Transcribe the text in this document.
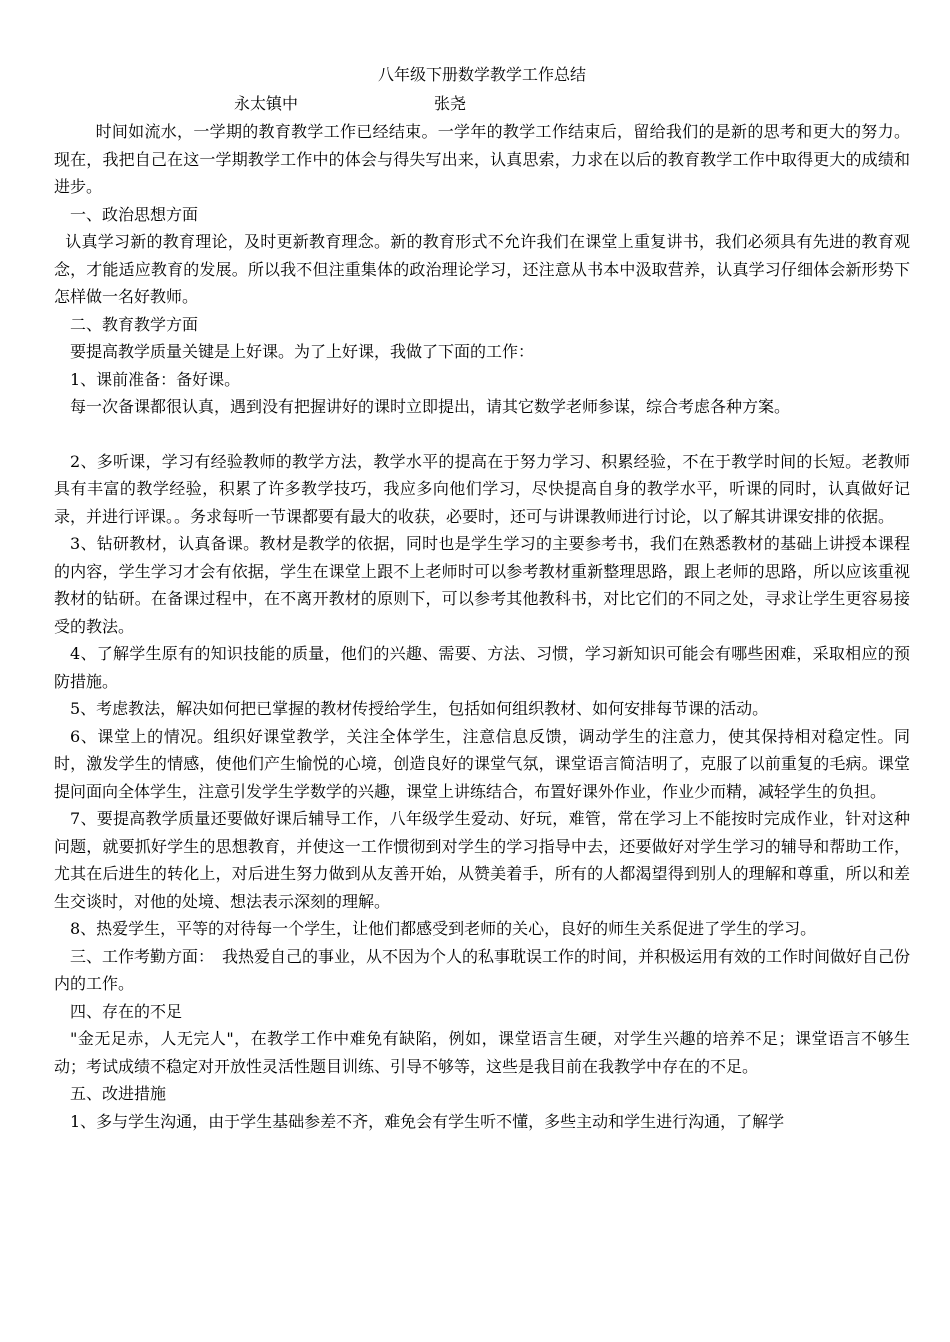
八年级下册数学教学工作总结

永太镇中	张尧

时间如流水，一学期的教育教学工作已经结束。一学年的教学工作结束后，留给我们的是新的思考和更大的努力。现在，我把自己在这一学期教学工作中的体会与得失写出来，认真思索，力求在以后的教育教学工作中取得更大的成绩和进步。

一、政治思想方面

认真学习新的教育理论，及时更新教育理念。新的教育形式不允许我们在课堂上重复讲书，我们必须具有先进的教育观念，才能适应教育的发展。所以我不但注重集体的政治理论学习，还注意从书本中汲取营养，认真学习仔细体会新形势下怎样做一名好教师。

二、教育教学方面

要提高教学质量关键是上好课。为了上好课，我做了下面的工作：

1、课前准备：备好课。

每一次备课都很认真，遇到没有把握讲好的课时立即提出，请其它数学老师参谋，综合考虑各种方案。

2、多听课，学习有经验教师的教学方法，教学水平的提高在于努力学习、积累经验，不在于教学时间的长短。老教师具有丰富的教学经验，积累了许多教学技巧，我应多向他们学习，尽快提高自身的教学水平，听课的同时，认真做好记录，并进行评课。。务求每听一节课都要有最大的收获，必要时，还可与讲课教师进行讨论，以了解其讲课安排的依据。

3、钻研教材，认真备课。教材是教学的依据，同时也是学生学习的主要参考书，我们在熟悉教材的基础上讲授本课程的内容，学生学习才会有依据，学生在课堂上跟不上老师时可以参考教材重新整理思路，跟上老师的思路，所以应该重视教材的钻研。在备课过程中，在不离开教材的原则下，可以参考其他教科书，对比它们的不同之处，寻求让学生更容易接受的教法。

4、了解学生原有的知识技能的质量，他们的兴趣、需要、方法、习惯，学习新知识可能会有哪些困难，采取相应的预防措施。

5、考虑教法，解决如何把已掌握的教材传授给学生，包括如何组织教材、如何安排每节课的活动。

6、课堂上的情况。组织好课堂教学，关注全体学生，注意信息反馈，调动学生的注意力，使其保持相对稳定性。同时，激发学生的情感，使他们产生愉悦的心境，创造良好的课堂气氛，课堂语言简洁明了，克服了以前重复的毛病。课堂提问面向全体学生，注意引发学生学数学的兴趣，课堂上讲练结合，布置好课外作业，作业少而精，减轻学生的负担。

7、要提高教学质量还要做好课后辅导工作，八年级学生爱动、好玩，难管，常在学习上不能按时完成作业，针对这种问题，就要抓好学生的思想教育，并使这一工作惯彻到对学生的学习指导中去，还要做好对学生学习的辅导和帮助工作，尤其在后进生的转化上，对后进生努力做到从友善开始，从赞美着手，所有的人都渴望得到别人的理解和尊重，所以和差生交谈时，对他的处境、想法表示深刻的理解。

8、热爱学生，平等的对待每一个学生，让他们都感受到老师的关心，良好的师生关系促进了学生的学习。

三、工作考勤方面：　我热爱自己的事业，从不因为个人的私事耽误工作的时间，并积极运用有效的工作时间做好自己份内的工作。

四、存在的不足

"金无足赤，人无完人"，在教学工作中难免有缺陷，例如，课堂语言生硬，对学生兴趣的培养不足；课堂语言不够生动；考试成绩不稳定对开放性灵活性题目训练、引导不够等，这些是我目前在我教学中存在的不足。

五、改进措施

1、多与学生沟通，由于学生基础参差不齐，难免会有学生听不懂，多些主动和学生进行沟通，了解学
